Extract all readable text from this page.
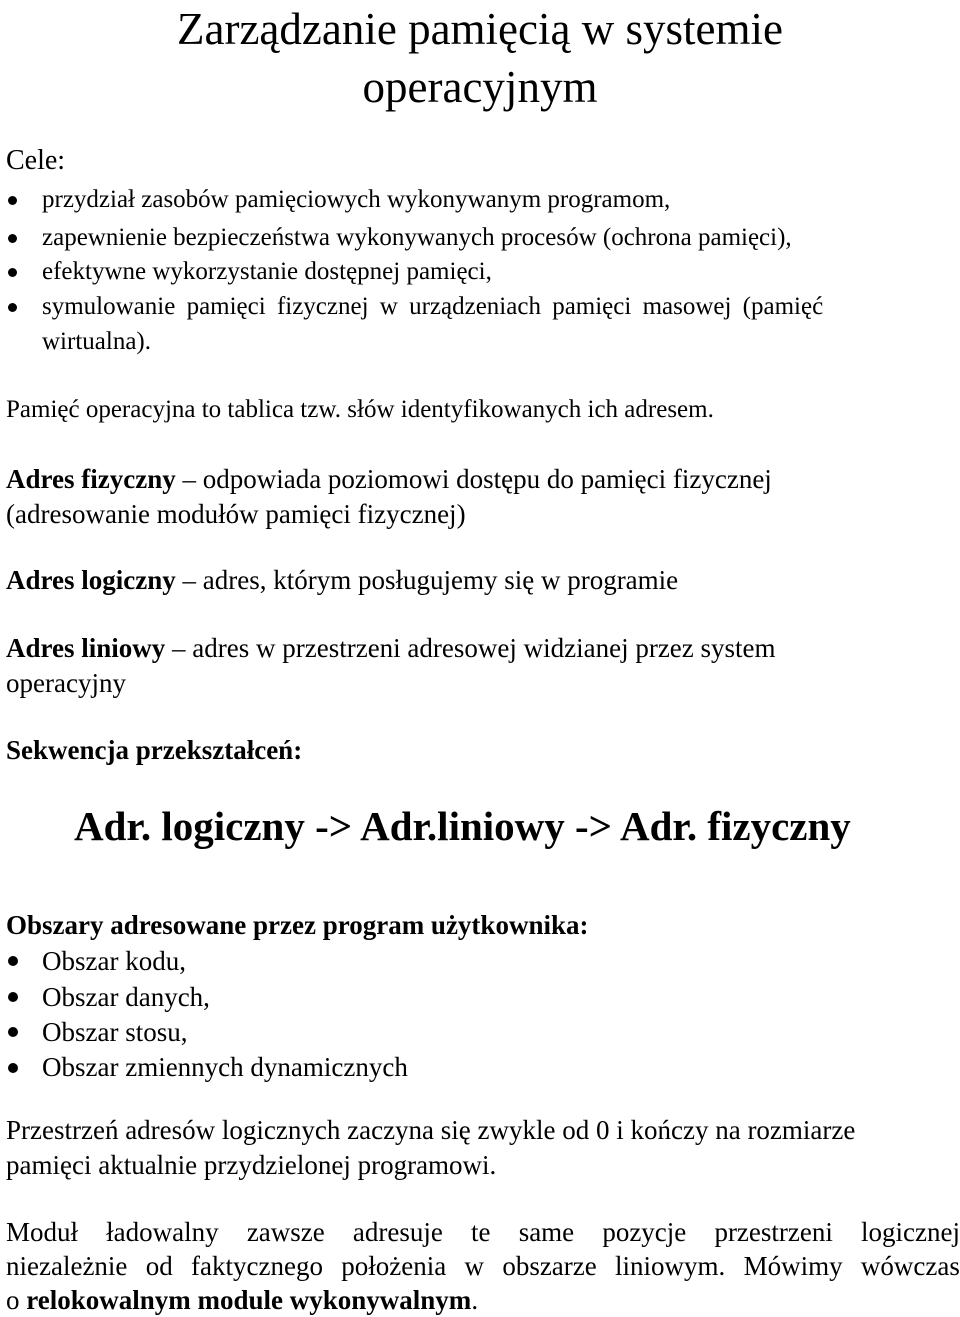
Zarządzanie pamięcią w systemie
operacyjnym

Cele:

przydział zasobów pamięciowych wykonywanym programom,

zapewnienie bezpieczeństwa wykonywanych procesów (ochrona pamięci),

efektywne wykorzystanie dostępnej pamięci,

symulowanie pamięci fizycznej w urządzeniach pamięci masowej (pamięć

wirtualna).

Pamięć operacyjna to tablica tzw. słów identyfikowanych ich adresem.

Adres fizyczny – odpowiada poziomowi dostępu do pamięci fizycznej

(adresowanie modułów pamięci fizycznej)

Adres logiczny – adres, którym posługujemy się w programie

Adres liniowy – adres w przestrzeni adresowej widzianej przez system

operacyjny

Sekwencja przekształceń:

Adr. logiczny -> Adr.liniowy -> Adr. fizyczny

Obszary adresowane przez program użytkownika:

Obszar kodu,

Obszar danych,

Obszar stosu,

Obszar zmiennych dynamicznych

Przestrzeń adresów logicznych zaczyna się zwykle od 0 i kończy na rozmiarze

pamięci aktualnie przydzielonej programowi.

Moduł ładowalny zawsze adresuje te same pozycje przestrzeni logicznej
niezależnie od faktycznego położenia w obszarze liniowym. Mówimy wówczas

o relokowalnym module wykonywalnym.
